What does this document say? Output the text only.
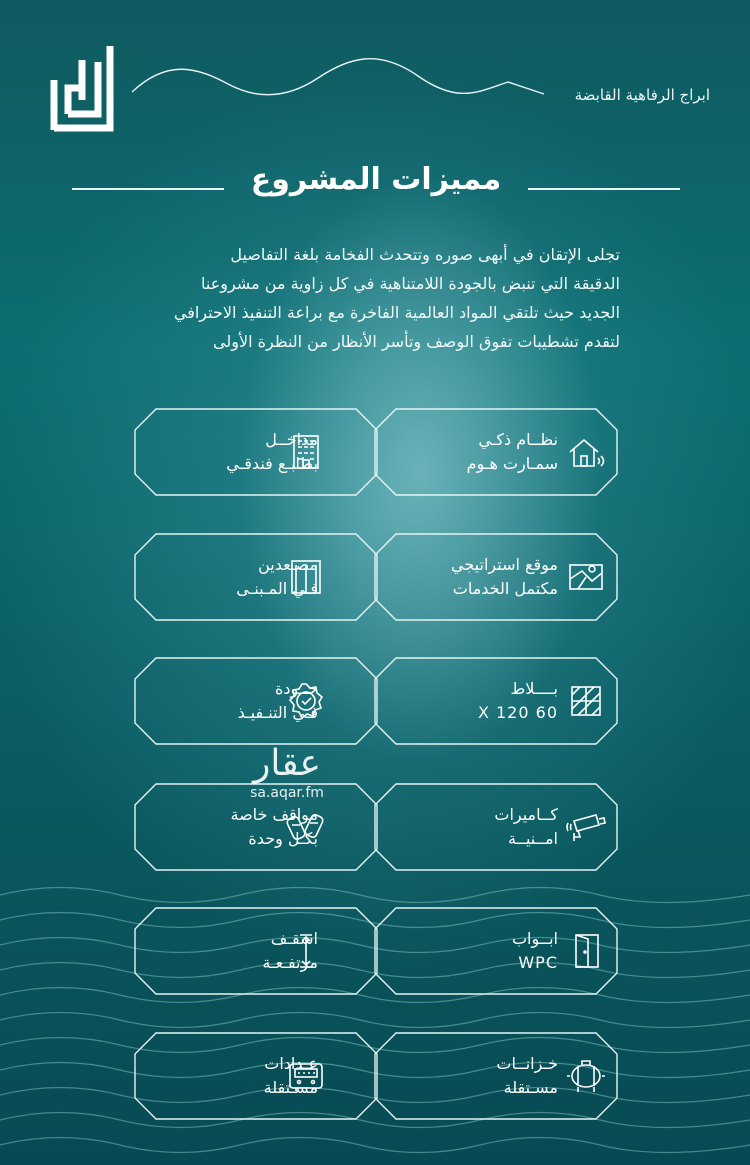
ابراج الرفاهية القابضة
مميزات المشروع

تجلى الإتقان في أبهى صوره وتتحدث الفخامة بلغة التفاصيل

الدقيقة التي تنبض بالجودة اللامتناهية في كل زاوية من مشروعنا

الجديد حيث تلتقي المواد العالمية الفاخرة مع براعة التنفيذ الاحترافي

لتقدم تشطيبات تفوق الوصف وتأسر الأنظار من النظرة الأولى

نظــام ذكـي
سمـارت هـوم
مداخــل
بطابـع فندقـي
موقع استراتيجي
مكتمل الخدمات
مصـعدين
فـي المـبنـى
بــــلاط
60 X 120
جــودة
فـي التنـفيـذ
كــاميرات
امــنيــة
مواقف خاصة
بكـل وحدة
ابــواب
WPC
اسقـف
مرتفـعـة
خـزانــات
مسـتقلة
عـدادات
مسـتقلة
عقار
sa.aqar.fm
